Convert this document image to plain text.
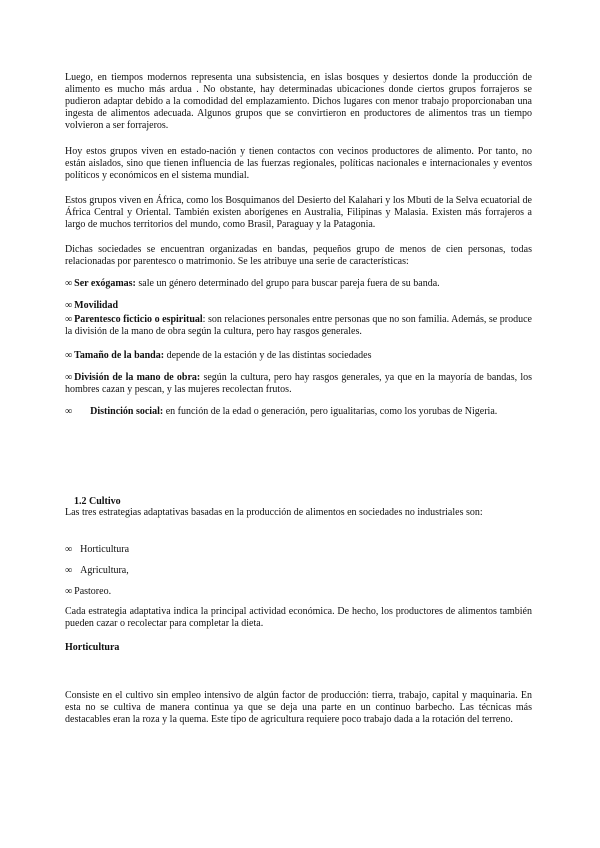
Luego, en tiempos modernos representa una subsistencia, en islas bosques y desiertos donde la producción de alimento es mucho más ardua . No obstante, hay determinadas ubicaciones donde ciertos grupos forrajeros se pudieron adaptar debido a la comodidad del emplazamiento. Dichos lugares con menor trabajo proporcionaban una ingesta de alimentos adecuada. Algunos grupos que se convirtieron en productores de alimentos tras un tiempo volvieron a ser forrajeros.

Hoy estos grupos viven en estado-nación y tienen contactos con vecinos productores de alimento. Por tanto, no están aislados, sino que tienen influencia de las fuerzas regionales, políticas nacionales e internacionales y eventos políticos y económicos en el sistema mundial.

Estos grupos viven en África, como los Bosquimanos del Desierto del Kalahari y los Mbuti de la Selva ecuatorial de África Central y Oriental. También existen aborígenes en Australia, Filipinas y Malasia. Existen más forrajeros a largo de muchos territorios del mundo, como Brasil, Paraguay y la Patagonia.

Dichas sociedades se encuentran organizadas en bandas, pequeños grupo de menos de cien personas, todas relacionadas por parentesco o matrimonio. Se les atribuye una serie de características:

∞ Ser exógamas: sale un género determinado del grupo para buscar pareja fuera de su banda.

∞ Movilidad

∞ Parentesco ficticio o espiritual: son relaciones personales entre personas que no son familia. Además, se produce la división de la mano de obra según la cultura, pero hay rasgos generales.

∞ Tamaño de la banda: depende de la estación y de las distintas sociedades

∞ División de la mano de obra: según la cultura, pero hay rasgos generales, ya que en la mayoría de bandas, los hombres cazan y pescan, y las mujeres recolectan frutos.

∞ Distinción social: en función de la edad o generación, pero igualitarias, como los yorubas de Nigeria.

1.2 Cultivo

Las tres estrategias adaptativas basadas en la producción de alimentos en sociedades no industriales son:

∞ Horticultura

∞ Agricultura,

∞ Pastoreo.

Cada estrategia adaptativa indica la principal actividad económica. De hecho, los productores de alimentos también pueden cazar o recolectar para completar la dieta.

Horticultura

Consiste en el cultivo sin empleo intensivo de algún factor de producción: tierra, trabajo, capital y maquinaria. En esta no se cultiva de manera continua ya que se deja una parte en un continuo barbecho. Las técnicas más destacables eran la roza y la quema. Este tipo de agricultura requiere poco trabajo dada a la rotación del terreno.
